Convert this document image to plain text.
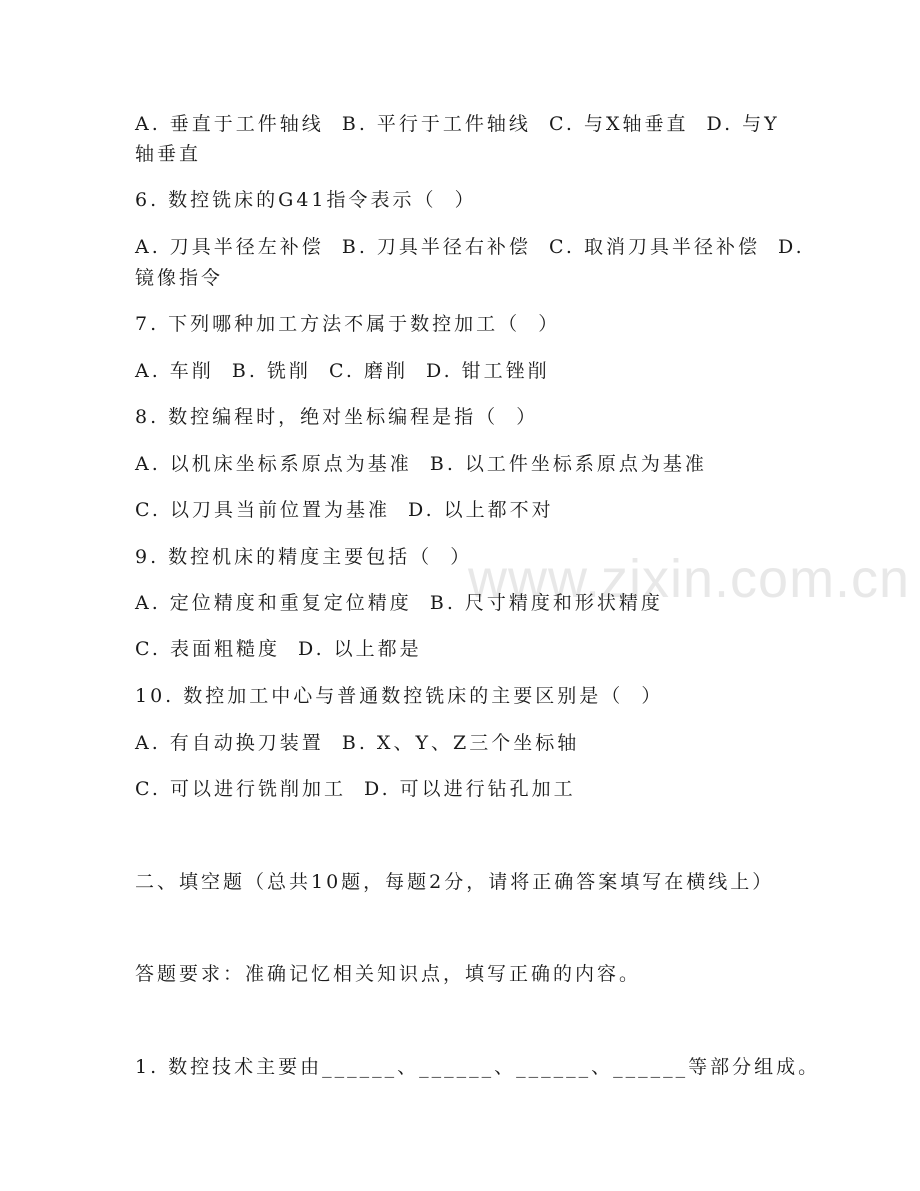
www.zixin.com.cn
A. 垂直于工件轴线  B. 平行于工件轴线  C. 与X轴垂直  D. 与Y
轴垂直
6. 数控铣床的G41指令表示（  ）
A. 刀具半径左补偿  B. 刀具半径右补偿  C. 取消刀具半径补偿  D.
镜像指令
7. 下列哪种加工方法不属于数控加工（  ）
A. 车削  B. 铣削  C. 磨削  D. 钳工锉削
8. 数控编程时，绝对坐标编程是指（  ）
A. 以机床坐标系原点为基准  B. 以工件坐标系原点为基准
C. 以刀具当前位置为基准  D. 以上都不对
9. 数控机床的精度主要包括（  ）
A. 定位精度和重复定位精度  B. 尺寸精度和形状精度
C. 表面粗糙度  D. 以上都是
10. 数控加工中心与普通数控铣床的主要区别是（  ）
A. 有自动换刀装置  B. X、Y、Z三个坐标轴
C. 可以进行铣削加工  D. 可以进行钻孔加工
二、填空题（总共10题，每题2分，请将正确答案填写在横线上）
答题要求：准确记忆相关知识点，填写正确的内容。
1. 数控技术主要由______、______、______、______等部分组成。
